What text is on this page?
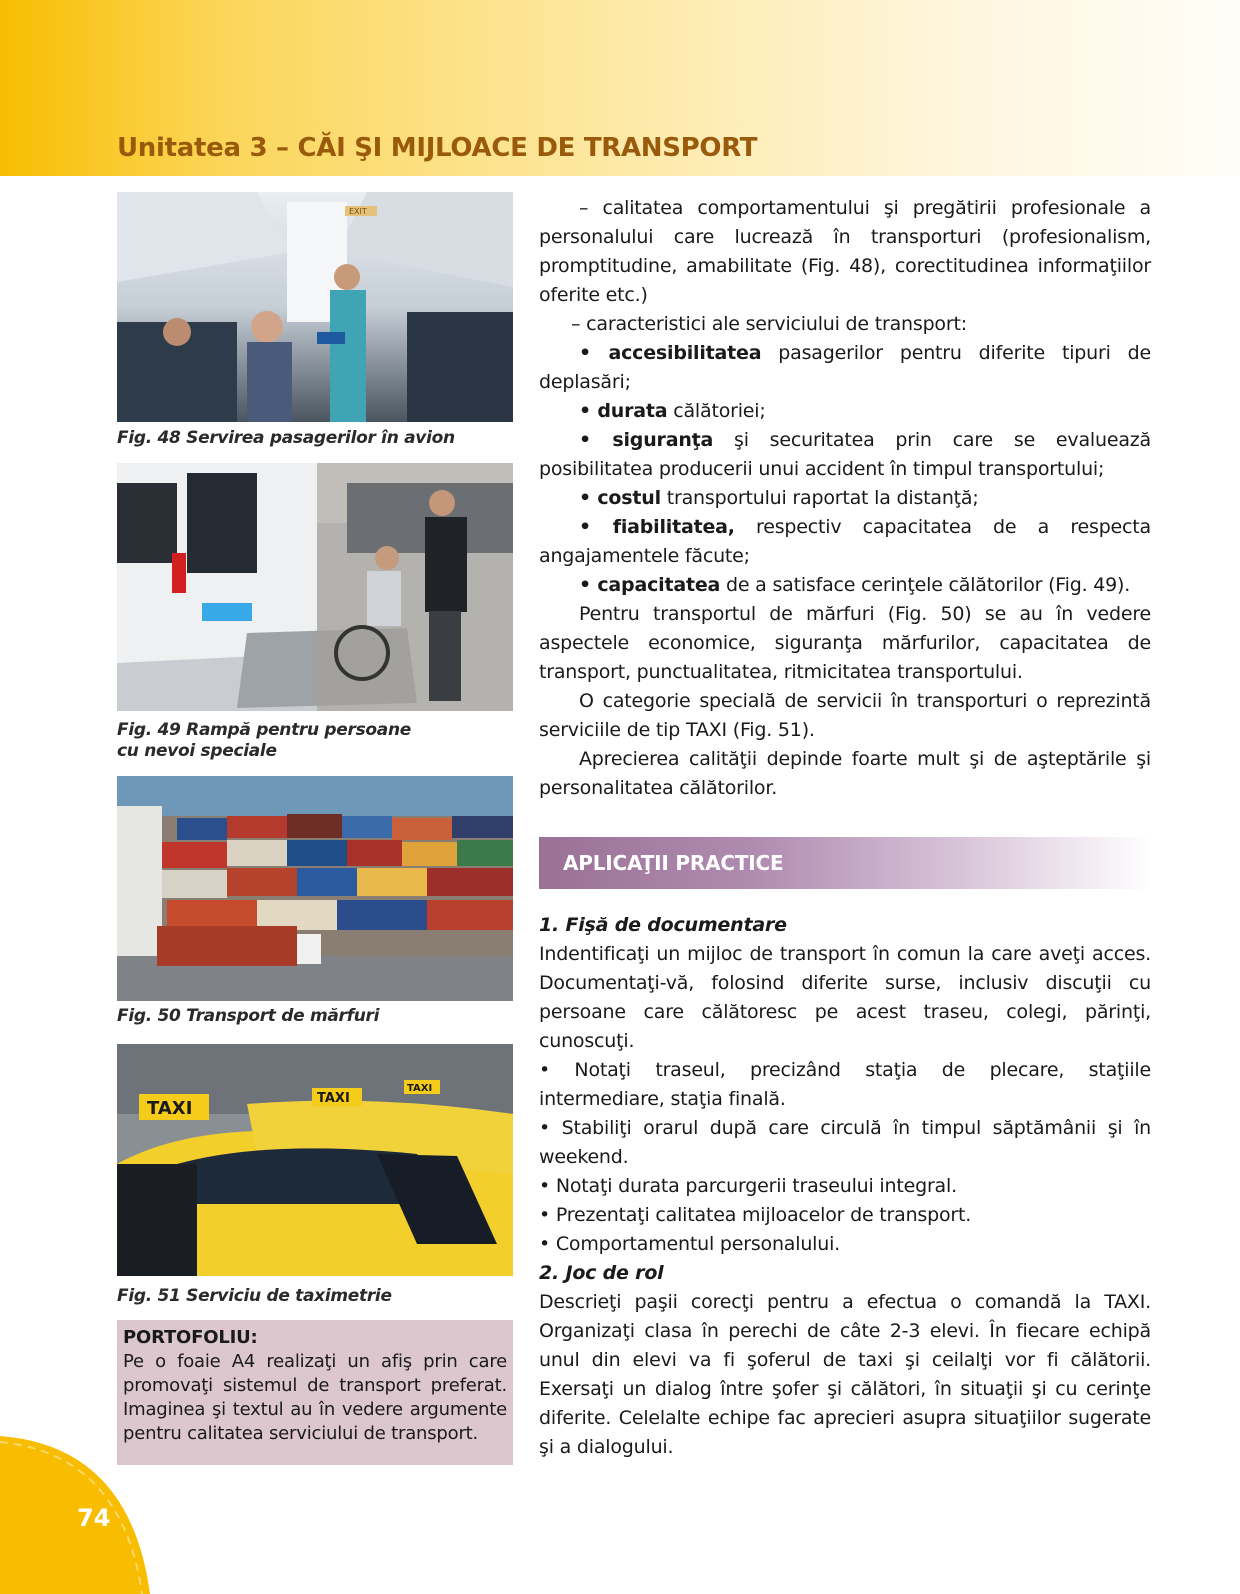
Unitatea 3 – CĂI ŞI MIJLOACE DE TRANSPORT
EXIT
Fig. 48 Servirea pasagerilor în avion
Fig. 49 Rampă pentru persoane
cu nevoi speciale
Fig. 50 Transport de mărfuri
TAXI	TAXI
TAXI
Fig. 51 Serviciu de taximetrie
PORTOFOLIU:

Pe o foaie A4 realizaţi un afiş prin care promovaţi sistemul de transport preferat. Imaginea şi textul au în vedere argumente pentru calitatea serviciului de transport.

– calitatea comportamentului şi pregătirii profesionale a personalului care lucrează în transporturi (profesionalism, promptitudine, amabilitate (Fig. 48), corectitudinea informaţiilor oferite etc.)

– caracteristici ale serviciului de transport:

• accesibilitatea pasagerilor pentru diferite tipuri de deplasări;

• durata călătoriei;

• siguranţa şi securitatea prin care se evaluează posibilitatea producerii unui accident în timpul transportului;

• costul transportului raportat la distanţă;

• fiabilitatea, respectiv capacitatea de a respecta angajamentele făcute;

• capacitatea de a satisface cerinţele călătorilor (Fig. 49).

Pentru transportul de mărfuri (Fig. 50) se au în vedere aspectele economice, siguranţa mărfurilor, capacitatea de transport, punctualitatea, ritmicitatea transportului.

O categorie specială de servicii în transporturi o reprezintă serviciile de tip TAXI (Fig. 51).

Aprecierea calităţii depinde foarte mult şi de aşteptările şi personalitatea călătorilor.

APLICAŢII PRACTICE

1. Fişă de documentare

Indentificaţi un mijloc de transport în comun la care aveţi acces. Documentaţi-vă, folosind diferite surse, inclusiv discuţii cu persoane care călătoresc pe acest traseu, colegi, părinţi, cunoscuţi.

• Notaţi traseul, precizând staţia de plecare, staţiile intermediare, staţia finală.

• Stabiliţi orarul după care circulă în timpul săptămânii şi în weekend.

• Notaţi durata parcurgerii traseului integral.

• Prezentaţi calitatea mijloacelor de transport.

• Comportamentul personalului.

2. Joc de rol

Descrieţi paşii corecţi pentru a efectua o comandă la TAXI. Organizaţi clasa în perechi de câte 2-3 elevi. În fiecare echipă unul din elevi va fi şoferul de taxi şi ceilalţi vor fi călătorii. Exersaţi un dialog între şofer şi călători, în situaţii şi cu cerinţe diferite. Celelalte echipe fac aprecieri asupra situaţiilor sugerate şi a dialogului.

74
